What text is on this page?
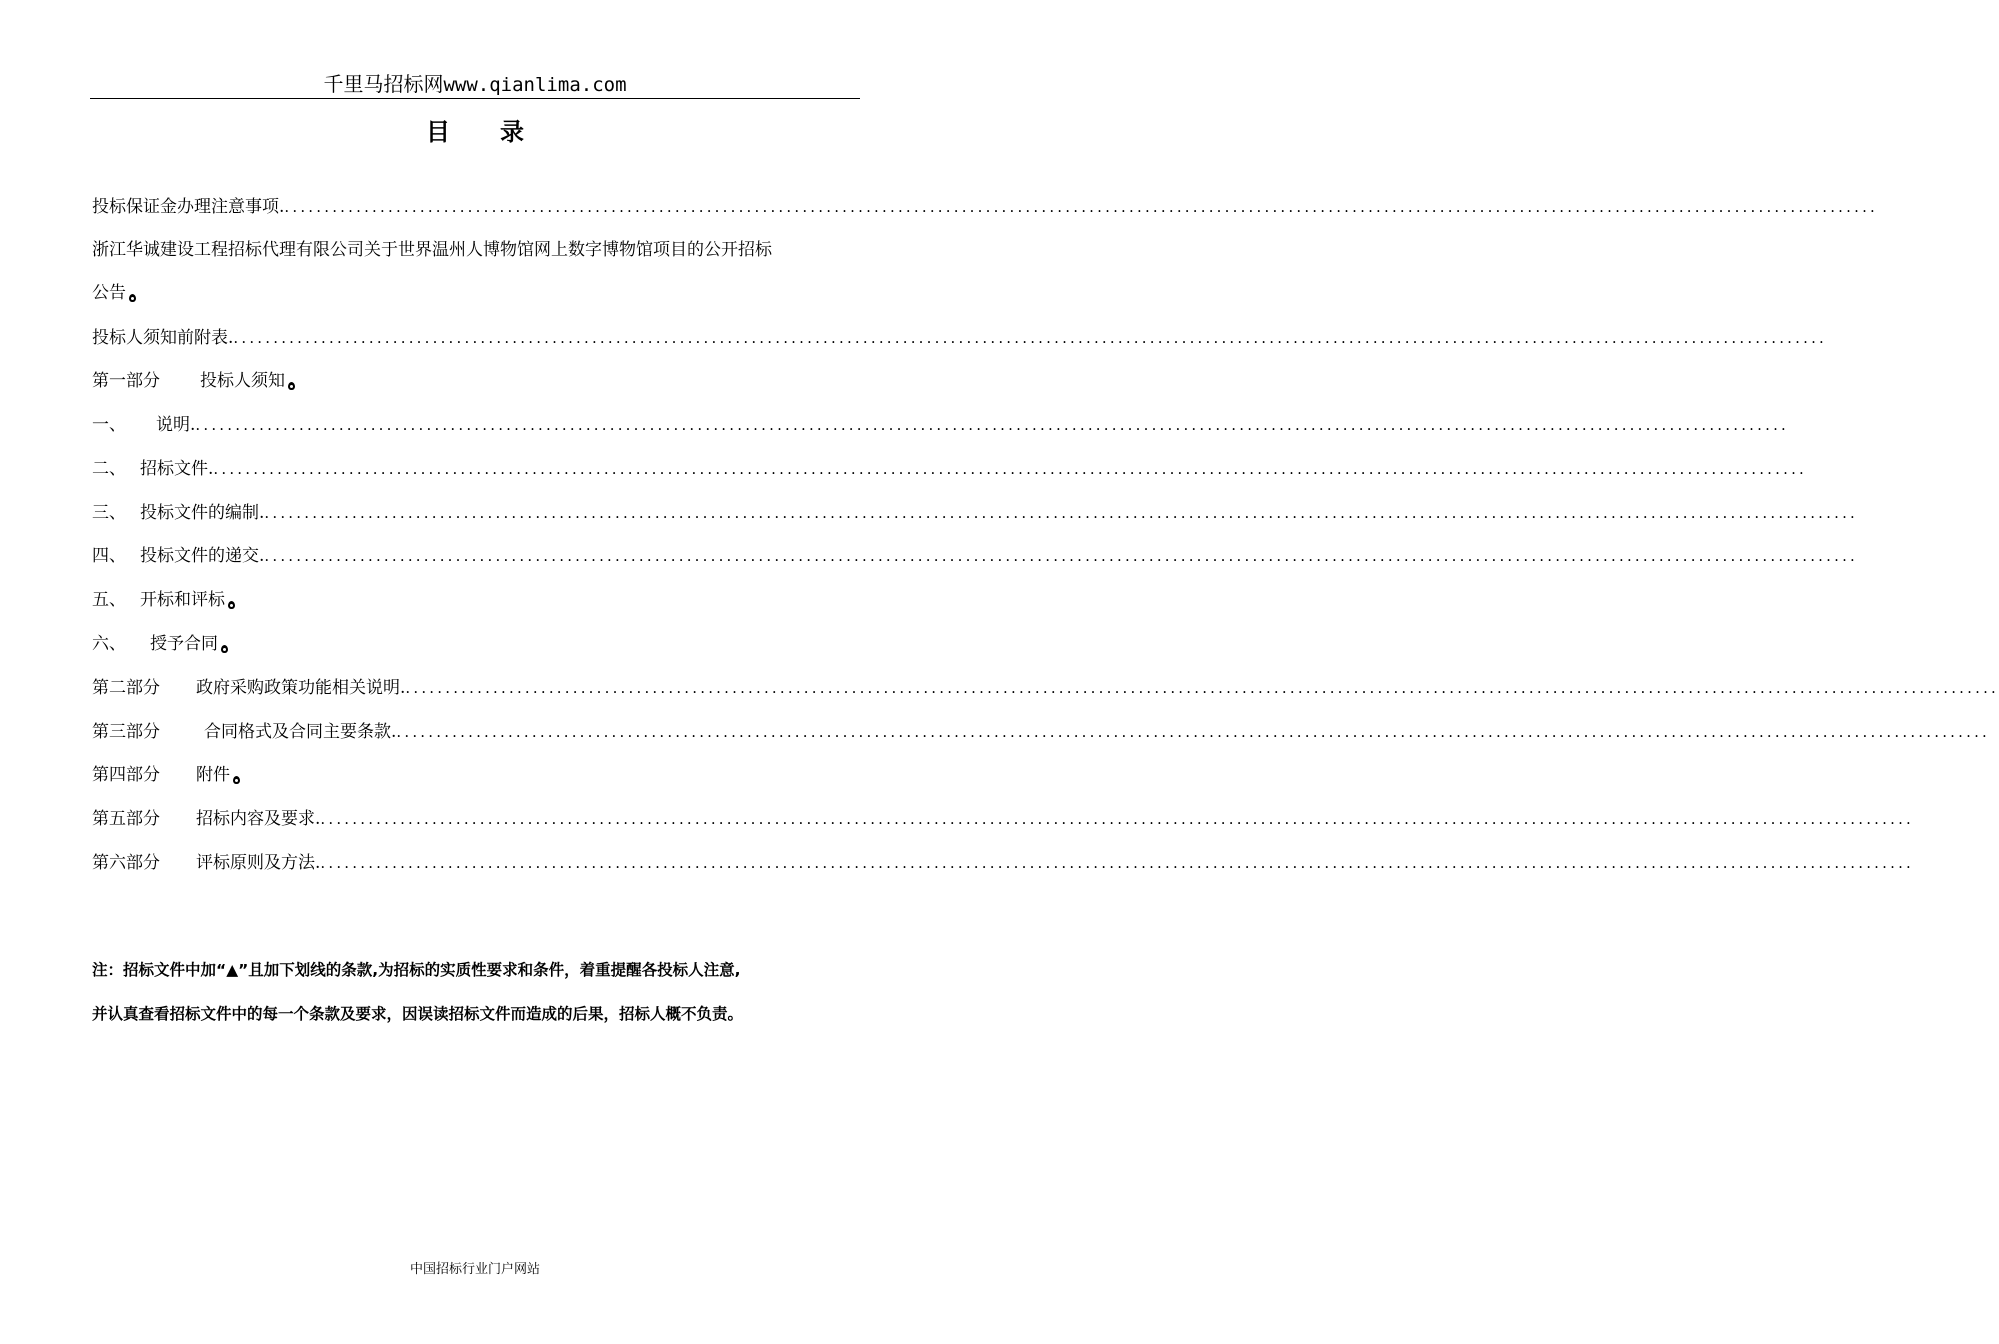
千里马招标网www.qianlima.com
目录
投标保证金办理注意事项. ........................................................................................................................................................................................................
浙江华诚建设工程招标代理有限公司关于世界温州人博物馆网上数字博物馆项目的公开招标
公告
投标人须知前附表. ........................................................................................................................................................................................................
第一部分 投标人须知
一、 说明. ........................................................................................................................................................................................................
二、 招标文件. ........................................................................................................................................................................................................
三、 投标文件的编制. ........................................................................................................................................................................................................
四、 投标文件的递交. ........................................................................................................................................................................................................
五、 开标和评标
六、 授予合同
第二部分 政府采购政策功能相关说明. ........................................................................................................................................................................................................
第三部分	合同格式及合同主要条款. ........................................................................................................................................................................................................
第四部分 附件
第五部分 招标内容及要求. ........................................................................................................................................................................................................
第六部分 评标原则及方法. ........................................................................................................................................................................................................
注：招标文件中加“▲”且加下划线的条款,为招标的实质性要求和条件，着重提醒各投标人注意,
并认真查看招标文件中的每一个条款及要求，因误读招标文件而造成的后果，招标人概不负责。
中国招标行业门户网站
